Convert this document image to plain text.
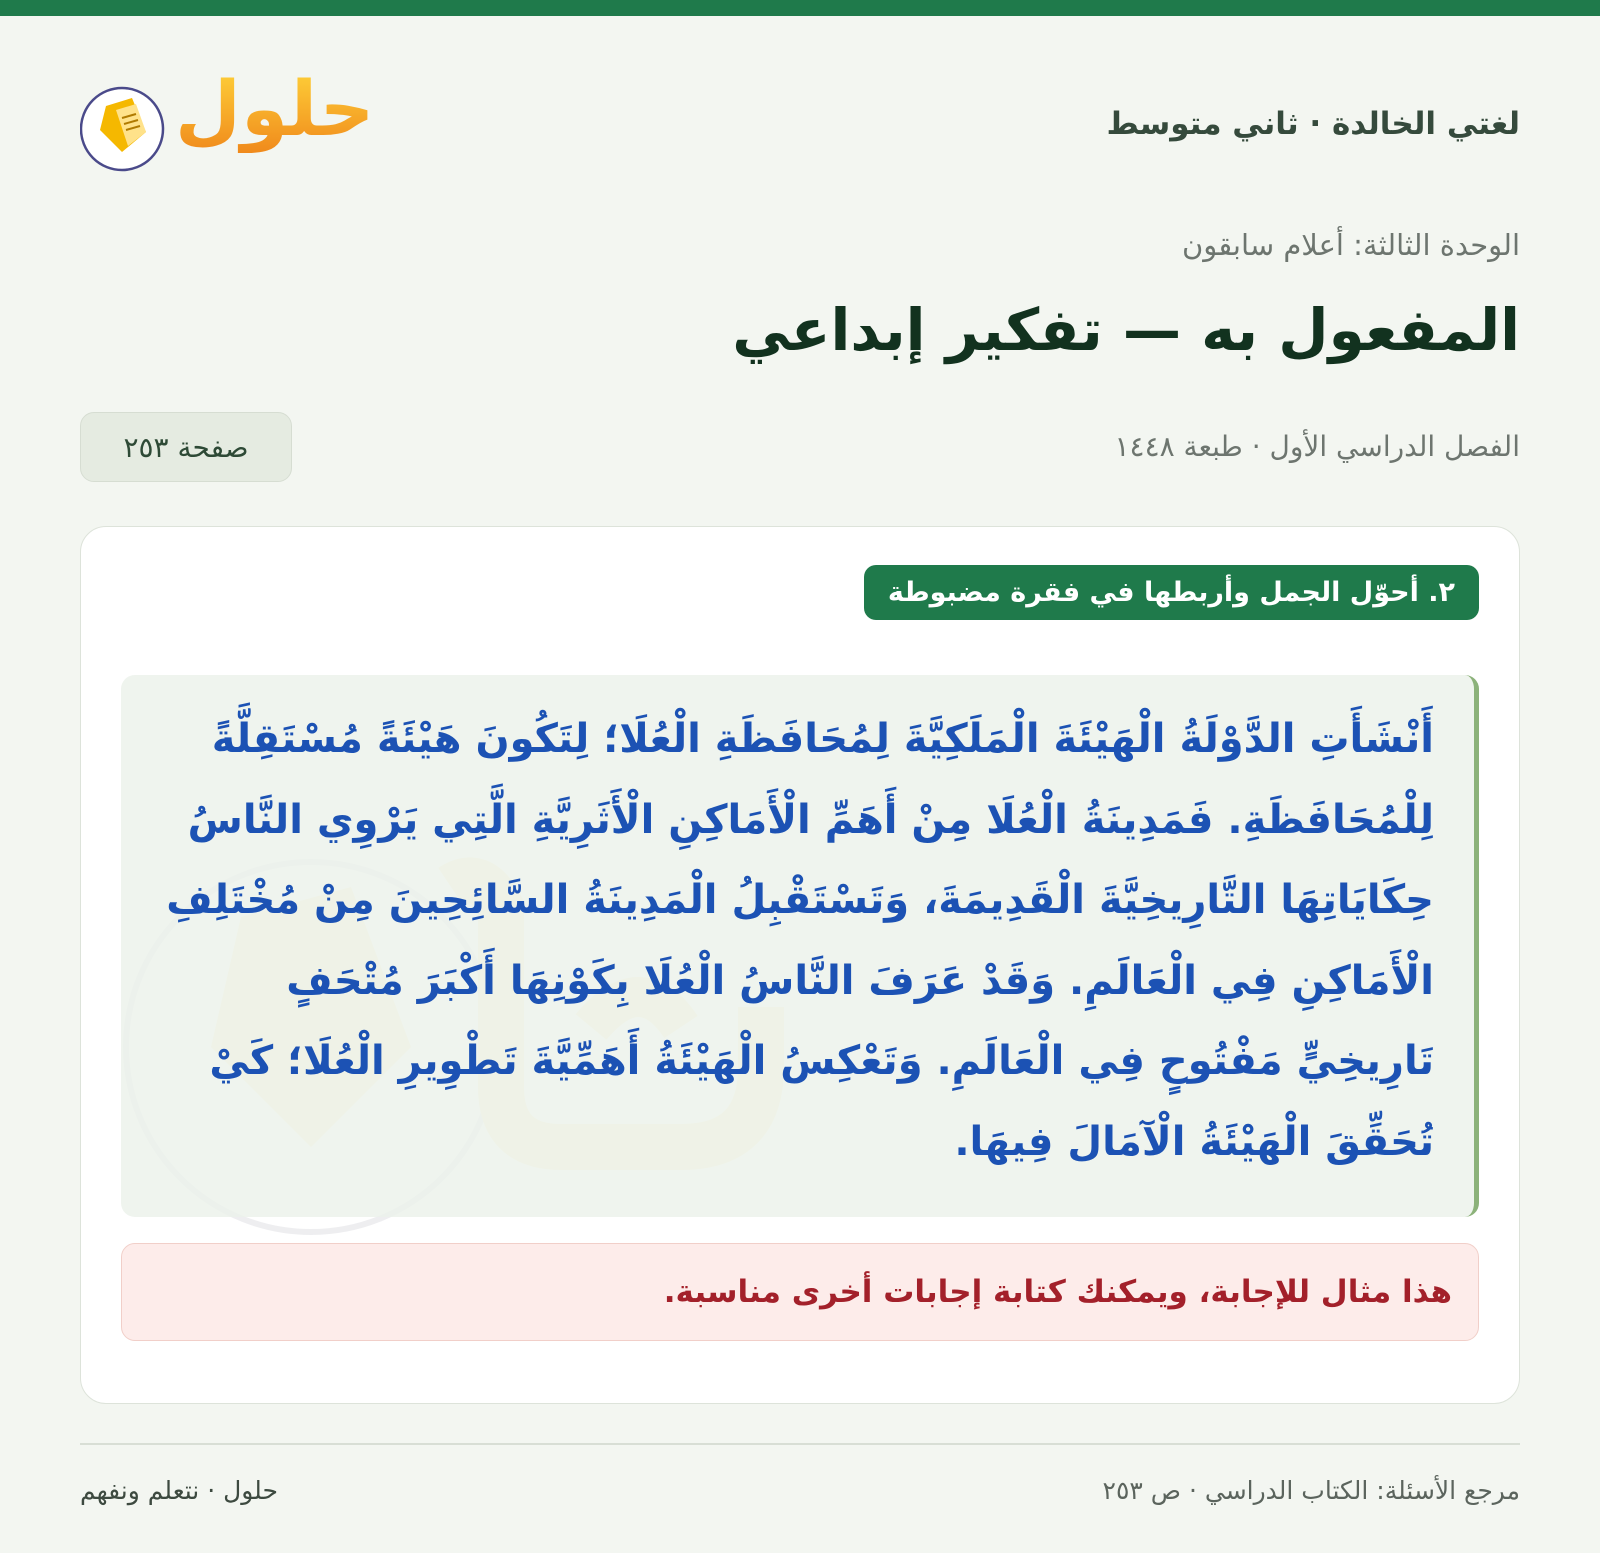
لغتي الخالدة · ثاني متوسط
حلول
الوحدة الثالثة: أعلام سابقون
المفعول به — تفكير إبداعي
الفصل الدراسي الأول · طبعة ١٤٤٨
صفحة ٢٥٣
٢. أحوّل الجمل وأربطها في فقرة مضبوطة

أَنْشَأَتِ الدَّوْلَةُ الْهَيْئَةَ الْمَلَكِيَّةَ لِمُحَافَظَةِ الْعُلَا؛ لِتَكُونَ هَيْئَةً مُسْتَقِلَّةً لِلْمُحَافَظَةِ. فَمَدِينَةُ الْعُلَا مِنْ أَهَمِّ الْأَمَاكِنِ الْأَثَرِيَّةِ الَّتِي يَرْوِي النَّاسُ حِكَايَاتِهَا التَّارِيخِيَّةَ الْقَدِيمَةَ، وَتَسْتَقْبِلُ الْمَدِينَةُ السَّائِحِينَ مِنْ مُخْتَلِفِ الْأَمَاكِنِ فِي الْعَالَمِ. وَقَدْ عَرَفَ النَّاسُ الْعُلَا بِكَوْنِهَا أَكْبَرَ مُتْحَفٍ تَارِيخِيٍّ مَفْتُوحٍ فِي الْعَالَمِ. وَتَعْكِسُ الْهَيْئَةُ أَهَمِّيَّةَ تَطْوِيرِ الْعُلَا؛ كَيْ تُحَقِّقَ الْهَيْئَةُ الْآمَالَ فِيهَا.

هذا مثال للإجابة، ويمكنك كتابة إجابات أخرى مناسبة.
مرجع الأسئلة: الكتاب الدراسي · ص ٢٥٣
حلول · نتعلم ونفهم
